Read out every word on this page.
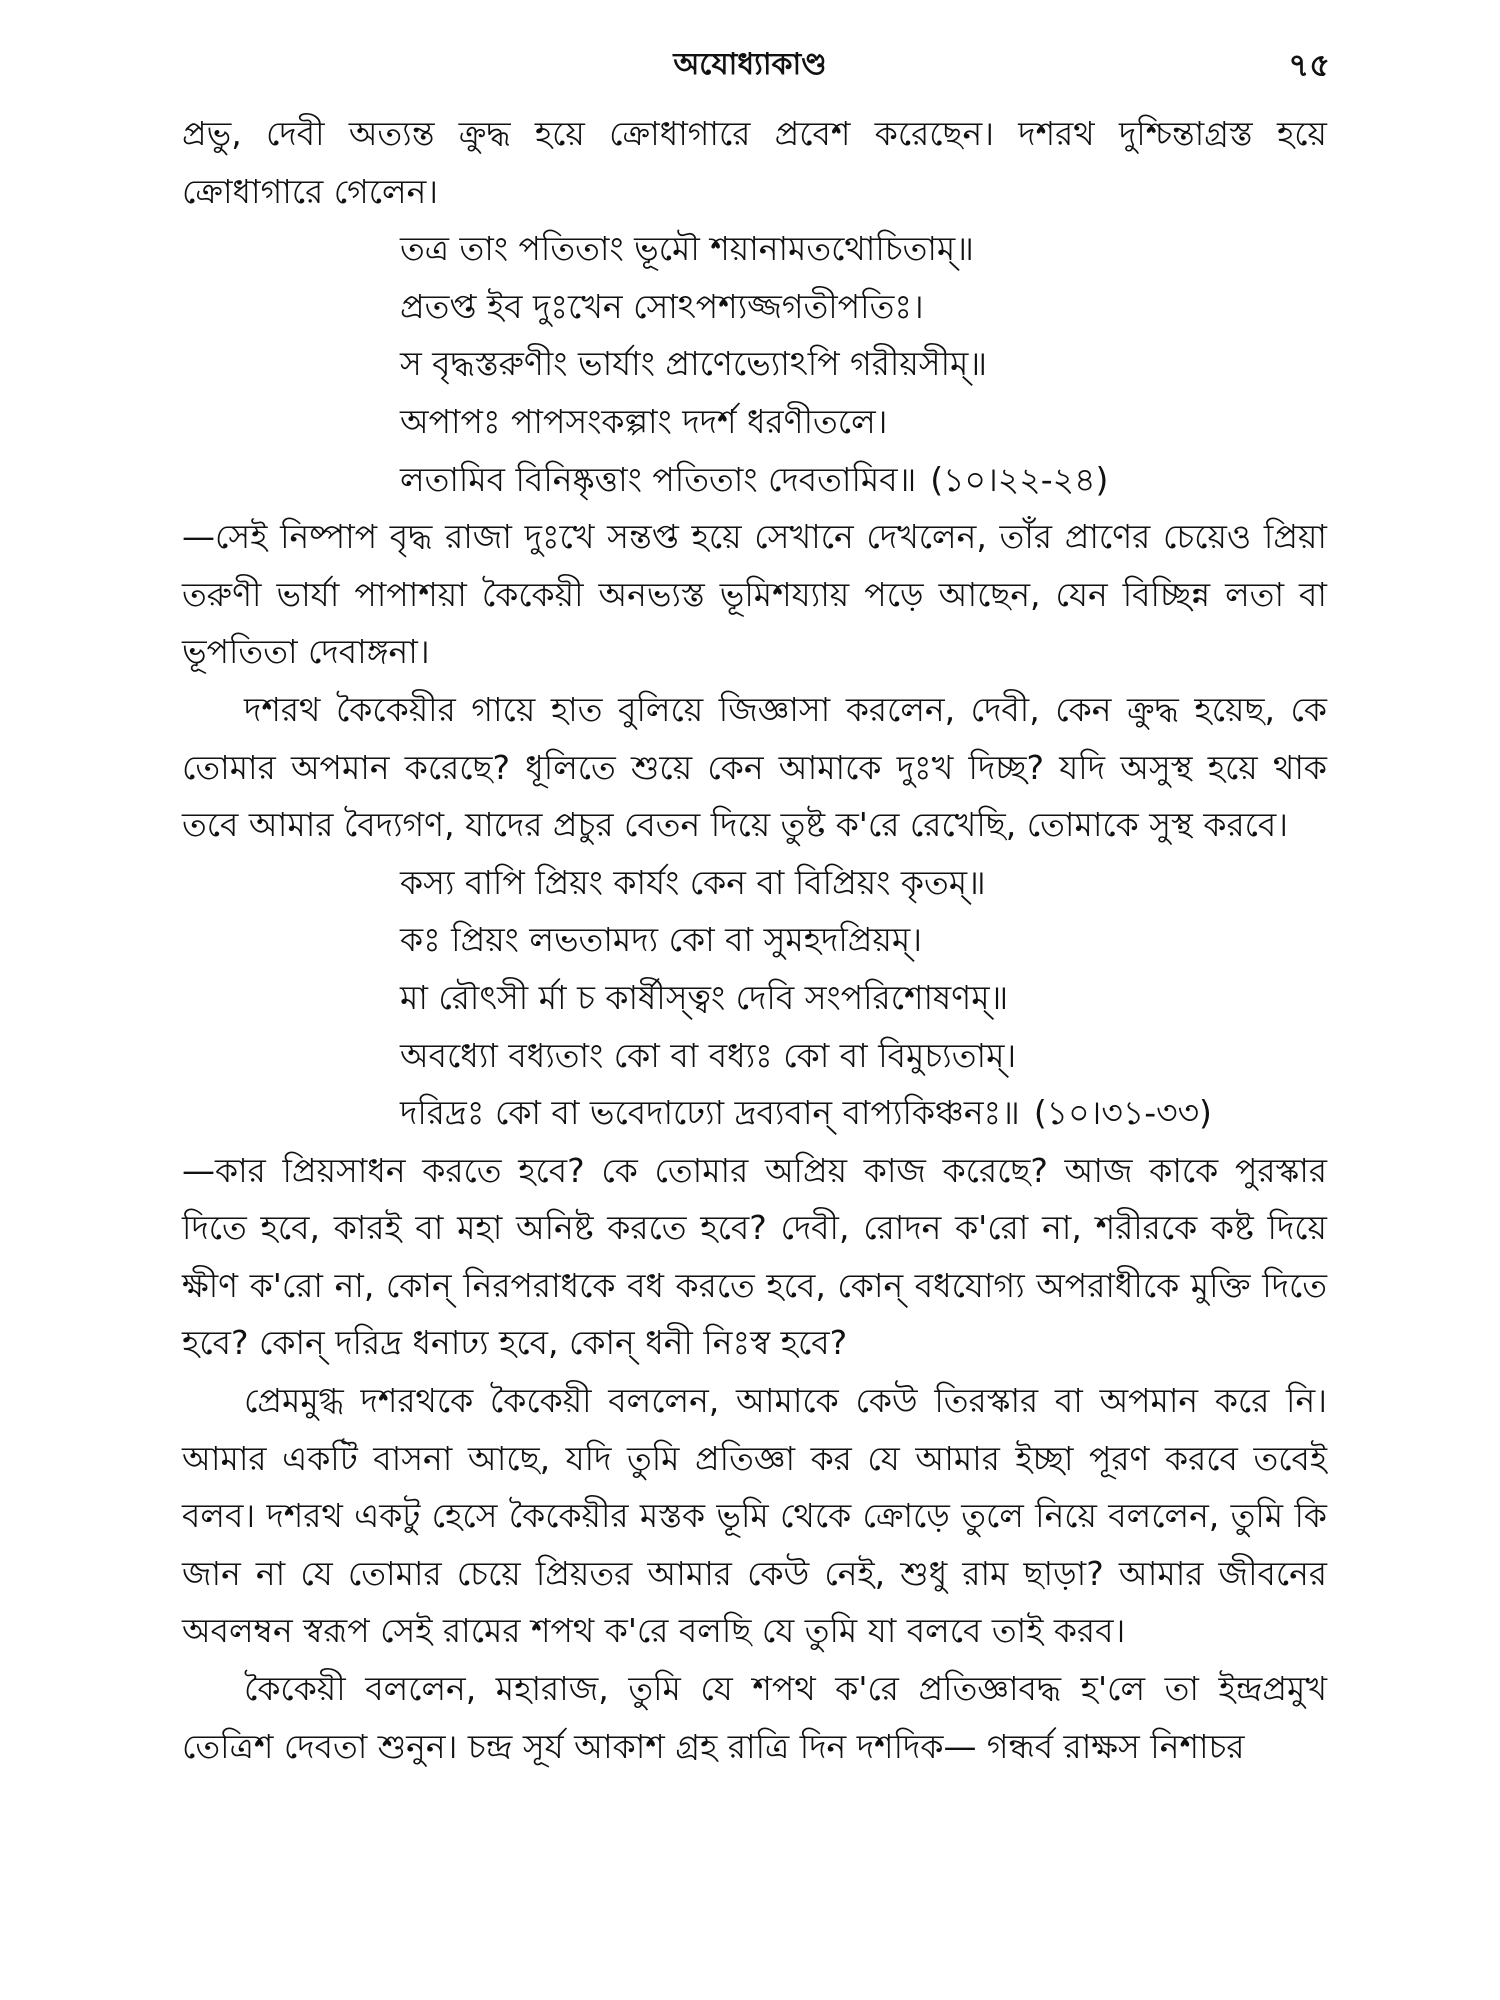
অযোধ্যাকাণ্ড	৭৫

প্রভু, দেবী অত্যন্ত ক্রুদ্ধ হয়ে ক্রোধাগারে প্রবেশ করেছেন। দশরথ দুশ্চিন্তাগ্রস্ত হয়ে ক্রোধাগারে গেলেন।

তত্র তাং পতিতাং ভূমৌ শয়ানামতথোচিতাম্॥
প্রতপ্ত ইব দুঃখেন সোঽপশ্যজ্জগতীপতিঃ।
স বৃদ্ধস্তরুণীং ভার্যাং প্রাণেভ্যোঽপি গরীয়সীম্॥
অপাপঃ পাপসংকল্পাং দদর্শ ধরণীতলে।
লতামিব বিনিষ্কৃত্তাং পতিতাং দেবতামিব॥ (১০।২২-২৪)

—সেই নিষ্পাপ বৃদ্ধ রাজা দুঃখে সন্তপ্ত হয়ে সেখানে দেখলেন, তাঁর প্রাণের চেয়েও প্রিয়া তরুণী ভার্যা পাপাশয়া কৈকেয়ী অনভ্যস্ত ভূমিশয্যায় পড়ে আছেন, যেন বিচ্ছিন্ন লতা বা ভূপতিতা দেবাঙ্গনা।

দশরথ কৈকেয়ীর গায়ে হাত বুলিয়ে জিজ্ঞাসা করলেন, দেবী, কেন ক্রুদ্ধ হয়েছ, কে তোমার অপমান করেছে? ধূলিতে শুয়ে কেন আমাকে দুঃখ দিচ্ছ? যদি অসুস্থ হয়ে থাক তবে আমার বৈদ্যগণ, যাদের প্রচুর বেতন দিয়ে তুষ্ট ক'রে রেখেছি, তোমাকে সুস্থ করবে।

কস্য বাপি প্রিয়ং কার্যং কেন বা বিপ্রিয়ং কৃতম্॥
কঃ প্রিয়ং লভতামদ্য কো বা সুমহদপ্রিয়ম্।
মা রৌৎসী র্মা চ কার্ষীস্ত্বং দেবি সংপরিশোষণম্॥
অবধ্যো বধ্যতাং কো বা বধ্যঃ কো বা বিমুচ্যতাম্।
দরিদ্রঃ কো বা ভবেদাঢ্যো দ্রব্যবান্ বাপ্যকিঞ্চনঃ॥ (১০।৩১-৩৩)

—কার প্রিয়সাধন করতে হবে? কে তোমার অপ্রিয় কাজ করেছে? আজ কাকে পুরস্কার দিতে হবে, কারই বা মহা অনিষ্ট করতে হবে? দেবী, রোদন ক'রো না, শরীরকে কষ্ট দিয়ে ক্ষীণ ক'রো না, কোন্ নিরপরাধকে বধ করতে হবে, কোন্ বধযোগ্য অপরাধীকে মুক্তি দিতে হবে? কোন্ দরিদ্র ধনাঢ্য হবে, কোন্ ধনী নিঃস্ব হবে?

প্রেমমুগ্ধ দশরথকে কৈকেয়ী বললেন, আমাকে কেউ তিরস্কার বা অপমান করে নি। আমার একটি বাসনা আছে, যদি তুমি প্রতিজ্ঞা কর যে আমার ইচ্ছা পূরণ করবে তবেই বলব। দশরথ একটু হেসে কৈকেয়ীর মস্তক ভূমি থেকে ক্রোড়ে তুলে নিয়ে বললেন, তুমি কি জান না যে তোমার চেয়ে প্রিয়তর আমার কেউ নেই, শুধু রাম ছাড়া? আমার জীবনের অবলম্বন স্বরূপ সেই রামের শপথ ক'রে বলছি যে তুমি যা বলবে তাই করব।

কৈকেয়ী বললেন, মহারাজ, তুমি যে শপথ ক'রে প্রতিজ্ঞাবদ্ধ হ'লে তা ইন্দ্রপ্রমুখ তেত্রিশ দেবতা শুনুন। চন্দ্র সূর্য আকাশ গ্রহ রাত্রি দিন দশদিক— গন্ধর্ব রাক্ষস নিশাচর
